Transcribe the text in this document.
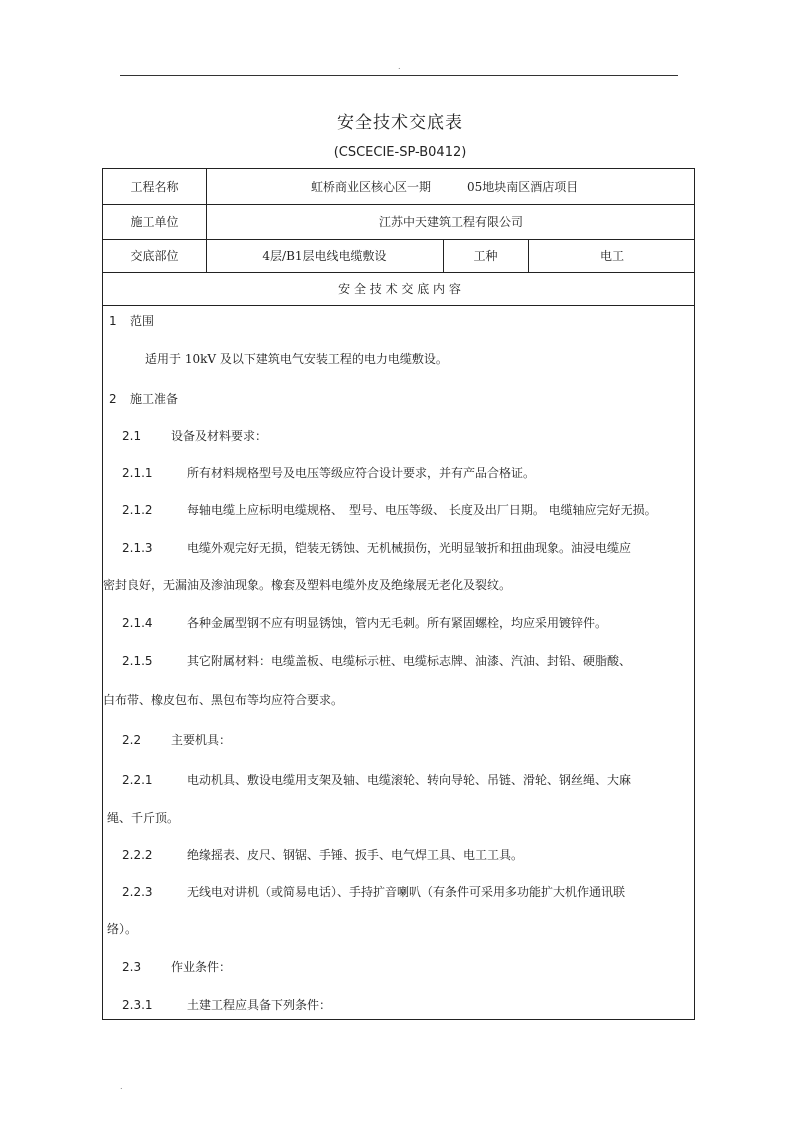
.
安全技术交底表
(CSCECIE-SP-B0412)
工程名称	虹桥商业区核心区一期	05地块南区酒店项目
施工单位	江苏中天建筑工程有限公司
交底部位	4层/B1层电线电缆敷设	工种	电工
安 全 技 术 交 底 内 容
1 范围
适用于 10kV 及以下建筑电气安装工程的电力电缆敷设。
2 施工准备
2.1 设备及材料要求：
2.1.1	所有材料规格型号及电压等级应符合设计要求，并有产品合格证。
2.1.2	每轴电缆上应标明电缆规格、　型号、电压等级、 长度及出厂日期。 电缆轴应完好无损。
2.1.3	电缆外观完好无损，铠装无锈蚀、无机械损伤，光明显皱折和扭曲现象。油浸电缆应
密封良好，无漏油及渗油现象。橡套及塑料电缆外皮及绝缘展无老化及裂纹。
2.1.4	各种金属型钢不应有明显锈蚀，管内无毛刺。所有紧固螺栓，均应采用镀锌件。
2.1.5	其它附属材料：电缆盖板、电缆标示桩、电缆标志牌、油漆、汽油、封铅、硬脂酸、
白布带、橡皮包布、黑包布等均应符合要求。
2.2 主要机具：
2.2.1	电动机具、敷设电缆用支架及轴、电缆滚轮、转向导轮、吊链、滑轮、钢丝绳、大麻
绳、千斤顶。
2.2.2	绝缘摇表、皮尺、钢锯、手锤、扳手、电气焊工具、电工工具。
2.2.3	无线电对讲机（或简易电话）、手持扩音喇叭（有条件可采用多功能扩大机作通讯联
络）。
2.3 作业条件：
2.3.1	土建工程应具备下列条件：
.
